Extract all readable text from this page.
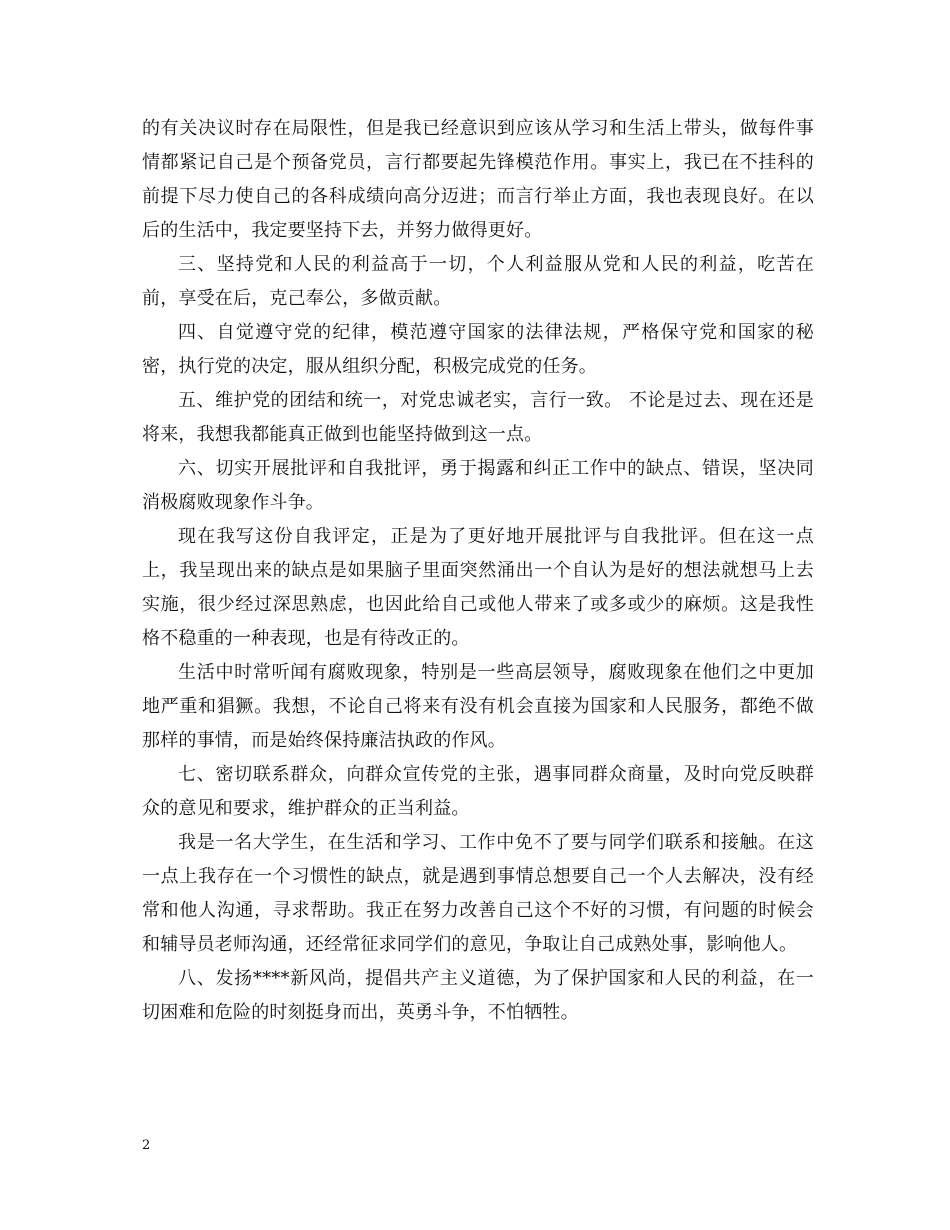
的有关决议时存在局限性，但是我已经意识到应该从学习和生活上带头，做每件事情都紧记自己是个预备党员，言行都要起先锋模范作用。事实上，我已在不挂科的前提下尽力使自己的各科成绩向高分迈进；而言行举止方面，我也表现良好。在以后的生活中，我定要坚持下去，并努力做得更好。

三、坚持党和人民的利益高于一切，个人利益服从党和人民的利益，吃苦在前，享受在后，克己奉公，多做贡献。

四、自觉遵守党的纪律，模范遵守国家的法律法规，严格保守党和国家的秘密，执行党的决定，服从组织分配，积极完成党的任务。

五、维护党的团结和统一，对党忠诚老实，言行一致。 不论是过去、现在还是将来，我想我都能真正做到也能坚持做到这一点。

六、切实开展批评和自我批评，勇于揭露和纠正工作中的缺点、错误，坚决同消极腐败现象作斗争。

现在我写这份自我评定，正是为了更好地开展批评与自我批评。但在这一点上，我呈现出来的缺点是如果脑子里面突然涌出一个自认为是好的想法就想马上去实施，很少经过深思熟虑，也因此给自己或他人带来了或多或少的麻烦。这是我性格不稳重的一种表现，也是有待改正的。

生活中时常听闻有腐败现象，特别是一些高层领导，腐败现象在他们之中更加地严重和猖獗。我想，不论自己将来有没有机会直接为国家和人民服务，都绝不做那样的事情，而是始终保持廉洁执政的作风。

七、密切联系群众，向群众宣传党的主张，遇事同群众商量，及时向党反映群众的意见和要求，维护群众的正当利益。

我是一名大学生，在生活和学习、工作中免不了要与同学们联系和接触。在这一点上我存在一个习惯性的缺点，就是遇到事情总想要自己一个人去解决，没有经常和他人沟通，寻求帮助。我正在努力改善自己这个不好的习惯，有问题的时候会和辅导员老师沟通，还经常征求同学们的意见，争取让自己成熟处事，影响他人。

八、发扬****新风尚，提倡共产主义道德，为了保护国家和人民的利益，在一切困难和危险的时刻挺身而出，英勇斗争，不怕牺牲。

2
